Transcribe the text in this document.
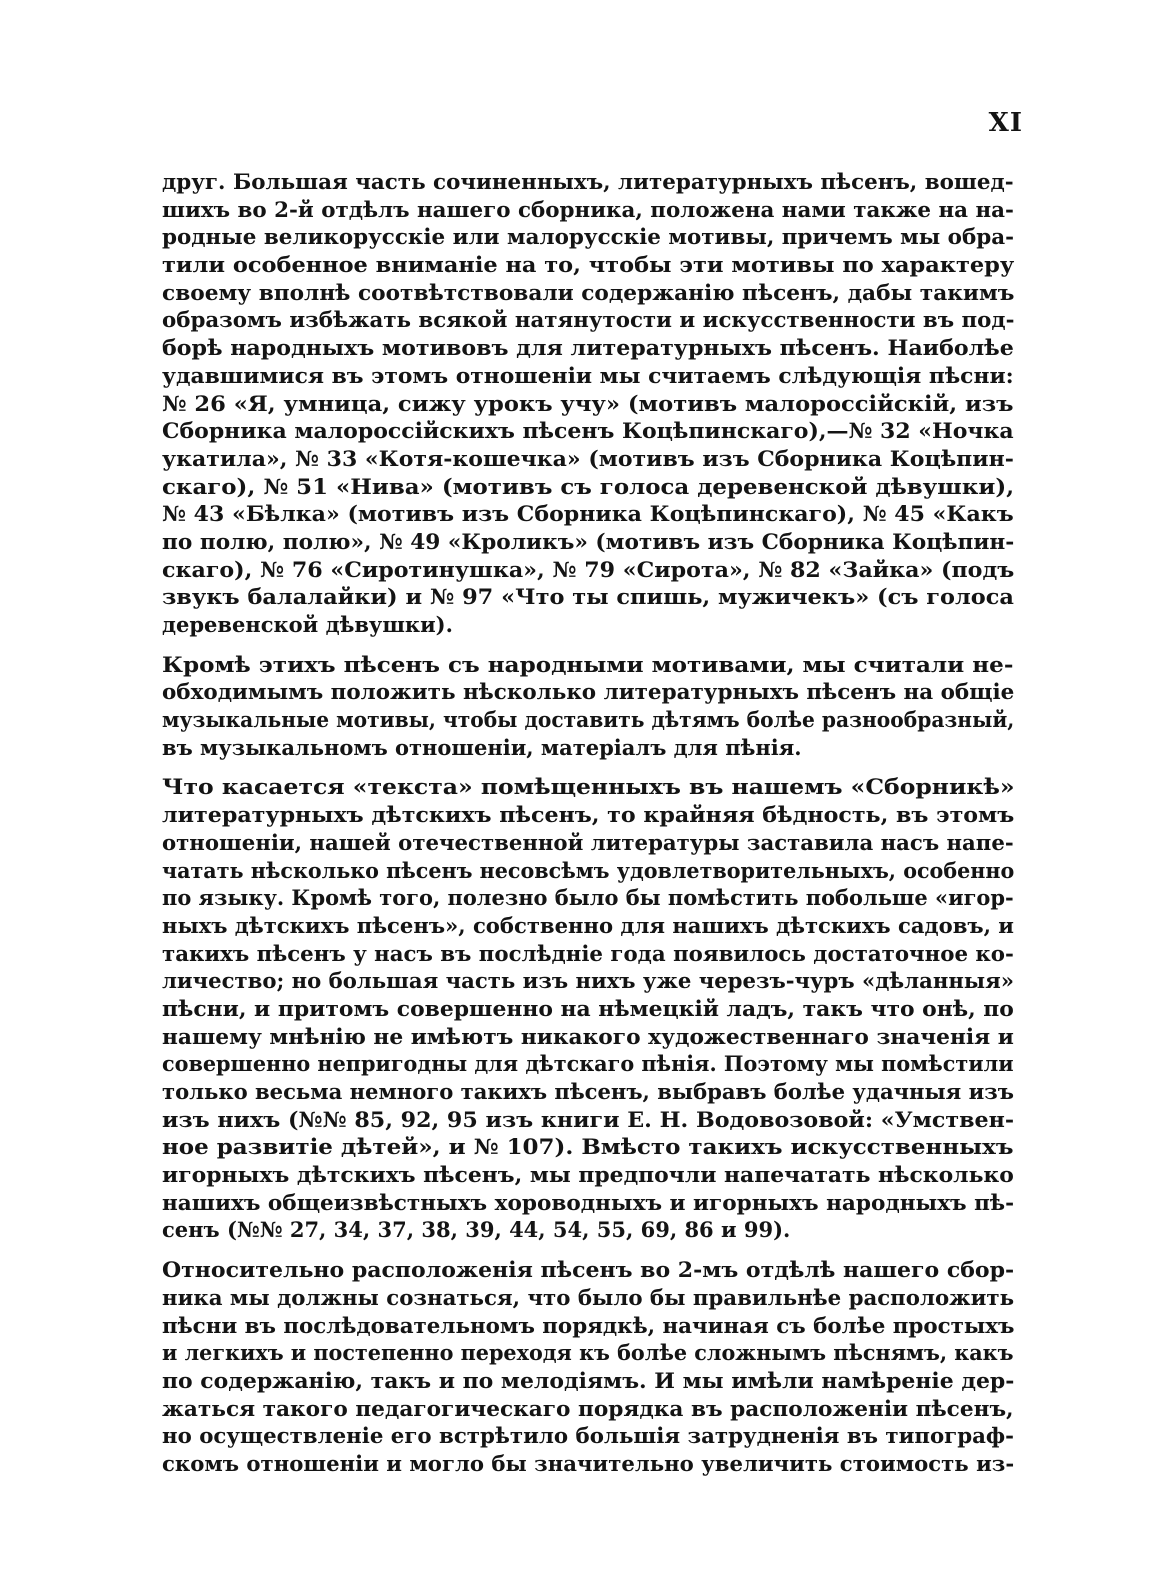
XI
друг. Большая часть сочиненныхъ, литературныхъ пѣсенъ, вошед-
шихъ во 2-й отдѣлъ нашего сборника, положена нами также на на-
родные великорусскіе или малорусскіе мотивы, причемъ мы обра-
тили особенное вниманіе на то, чтобы эти мотивы по характеру
своему вполнѣ соотвѣтствовали содержанію пѣсенъ, дабы такимъ
образомъ избѣжать всякой натянутости и искусственности въ под-
борѣ народныхъ мотивовъ для литературныхъ пѣсенъ. Наиболѣе
удавшимися въ этомъ отношеніи мы считаемъ слѣдующія пѣсни:
№ 26 «Я, умница, сижу урокъ учу» (мотивъ малороссійскій, изъ
Сборника малороссійскихъ пѣсенъ Коцѣпинскаго),—№ 32 «Ночка
укатила», № 33 «Котя-кошечка» (мотивъ изъ Сборника Коцѣпин-
скаго), № 51 «Нива» (мотивъ съ голоса деревенской дѣвушки),
№ 43 «Бѣлка» (мотивъ изъ Сборника Коцѣпинскаго), № 45 «Какъ
по полю, полю», № 49 «Кроликъ» (мотивъ изъ Сборника Коцѣпин-
скаго), № 76 «Сиротинушка», № 79 «Сирота», № 82 «Зайка» (подъ
звукъ балалайки) и № 97 «Что ты спишь, мужичекъ» (съ голоса
деревенской дѣвушки).
Кромѣ этихъ пѣсенъ съ народными мотивами, мы считали не-
обходимымъ положить нѣсколько литературныхъ пѣсенъ на общіе
музыкальные мотивы, чтобы доставить дѣтямъ болѣе разнообразный,
въ музыкальномъ отношеніи, матеріалъ для пѣнія.
Что касается «текста» помѣщенныхъ въ нашемъ «Сборникѣ»
литературныхъ дѣтскихъ пѣсенъ, то крайняя бѣдность, въ этомъ
отношеніи, нашей отечественной литературы заставила насъ напе-
чатать нѣсколько пѣсенъ несовсѣмъ удовлетворительныхъ, особенно
по языку. Кромѣ того, полезно было бы помѣстить побольше «игор-
ныхъ дѣтскихъ пѣсенъ», собственно для нашихъ дѣтскихъ садовъ, и
такихъ пѣсенъ у насъ въ послѣдніе года появилось достаточное ко-
личество; но большая часть изъ нихъ уже черезъ-чуръ «дѣланныя»
пѣсни, и притомъ совершенно на нѣмецкій ладъ, такъ что онѣ, по
нашему мнѣнію не имѣютъ никакого художественнаго значенія и
совершенно непригодны для дѣтскаго пѣнія. Поэтому мы помѣстили
только весьма немного такихъ пѣсенъ, выбравъ болѣе удачныя изъ
изъ нихъ (№№ 85, 92, 95 изъ книги Е. Н. Водовозовой: «Умствен-
ное развитіе дѣтей», и № 107). Вмѣсто такихъ искусственныхъ
игорныхъ дѣтскихъ пѣсенъ, мы предпочли напечатать нѣсколько
нашихъ общеизвѣстныхъ хороводныхъ и игорныхъ народныхъ пѣ-
сенъ (№№ 27, 34, 37, 38, 39, 44, 54, 55, 69, 86 и 99).
Относительно расположенія пѣсенъ во 2-мъ отдѣлѣ нашего сбор-
ника мы должны сознаться, что было бы правильнѣе расположить
пѣсни въ послѣдовательномъ порядкѣ, начиная съ болѣе простыхъ
и легкихъ и постепенно переходя къ болѣе сложнымъ пѣснямъ, какъ
по содержанію, такъ и по мелодіямъ. И мы имѣли намѣреніе дер-
жаться такого педагогическаго порядка въ расположеніи пѣсенъ,
но осуществленіе его встрѣтило большія затрудненія въ типограф-
скомъ отношеніи и могло бы значительно увеличить стоимость из-
